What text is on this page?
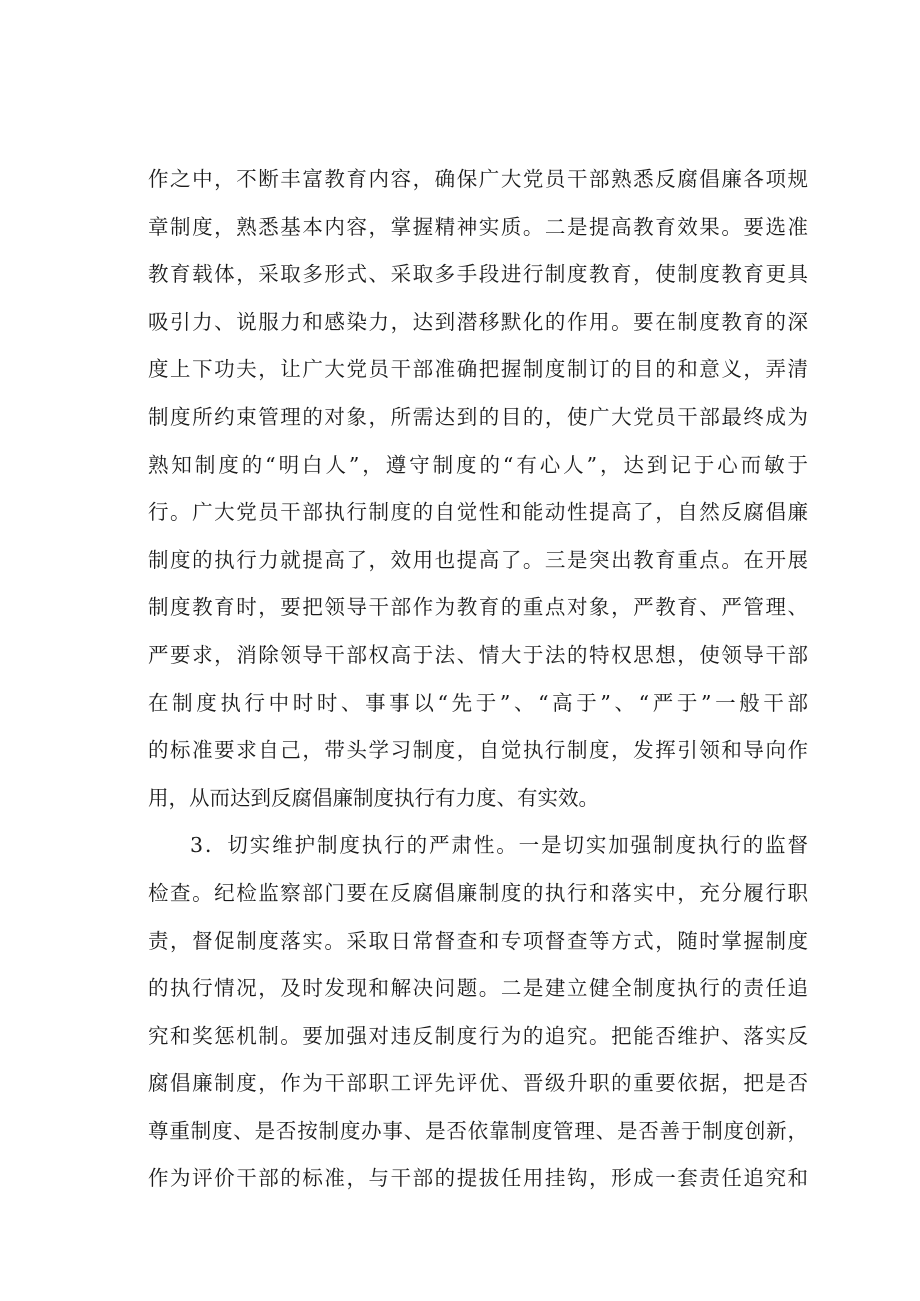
作之中，不断丰富教育内容，确保广大党员干部熟悉反腐倡廉各项规
章制度，熟悉基本内容，掌握精神实质。二是提高教育效果。要选准
教育载体，采取多形式、采取多手段进行制度教育，使制度教育更具
吸引力、说服力和感染力，达到潜移默化的作用。要在制度教育的深
度上下功夫，让广大党员干部准确把握制度制订的目的和意义，弄清
制度所约束管理的对象，所需达到的目的，使广大党员干部最终成为
熟知制度的“明白人”，遵守制度的“有心人”，达到记于心而敏于
行。广大党员干部执行制度的自觉性和能动性提高了，自然反腐倡廉
制度的执行力就提高了，效用也提高了。三是突出教育重点。在开展
制度教育时，要把领导干部作为教育的重点对象，严教育、严管理、
严要求，消除领导干部权高于法、情大于法的特权思想，使领导干部
在制度执行中时时、事事以“先于”、“高于”、“严于”一般干部
的标准要求自己，带头学习制度，自觉执行制度，发挥引领和导向作
用，从而达到反腐倡廉制度执行有力度、有实效。
3．切实维护制度执行的严肃性。一是切实加强制度执行的监督
检查。纪检监察部门要在反腐倡廉制度的执行和落实中，充分履行职
责，督促制度落实。采取日常督查和专项督查等方式，随时掌握制度
的执行情况，及时发现和解决问题。二是建立健全制度执行的责任追
究和奖惩机制。要加强对违反制度行为的追究。把能否维护、落实反
腐倡廉制度，作为干部职工评先评优、晋级升职的重要依据，把是否
尊重制度、是否按制度办事、是否依靠制度管理、是否善于制度创新，
作为评价干部的标准，与干部的提拔任用挂钩，形成一套责任追究和
